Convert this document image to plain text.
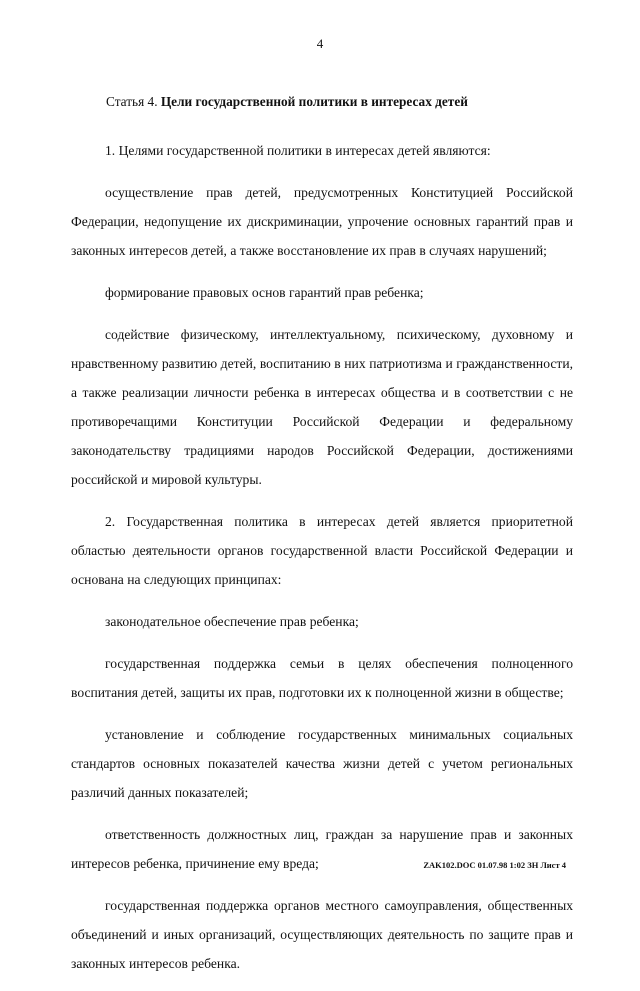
4
Статья 4. Цели государственной политики в интересах детей

1. Целями государственной политики в интересах детей являются:

осуществление прав детей, предусмотренных Конституцией Российской Федерации, недопущение их дискриминации, упрочение основных гарантий прав и законных интересов детей, а также восстановление их прав в случаях нарушений;

формирование правовых основ гарантий прав ребенка;

содействие физическому, интеллектуальному, психическому, духовному и нравственному развитию детей, воспитанию в них патриотизма и гражданственности, а также реализации личности ребенка в интересах общества и в соответствии с не противоречащими Конституции Российской Федерации и федеральному законодательству традициями народов Российской Федерации, достижениями российской и мировой культуры.

2. Государственная политика в интересах детей является приоритетной областью деятельности органов государственной власти Российской Федерации и основана на следующих принципах:

законодательное обеспечение прав ребенка;

государственная поддержка семьи в целях обеспечения полноценного воспитания детей, защиты их прав, подготовки их к полноценной жизни в обществе;

установление и соблюдение государственных минимальных социальных стандартов основных показателей качества жизни детей с учетом региональных различий данных показателей;

ответственность должностных лиц, граждан за нарушение прав и законных интересов ребенка, причинение ему вреда;

государственная поддержка органов местного самоуправления, общественных объединений и иных организаций, осуществляющих деятельность по защите прав и законных интересов ребенка.

ZAK102.DOC 01.07.98 1:02 ЗН Лист 4
